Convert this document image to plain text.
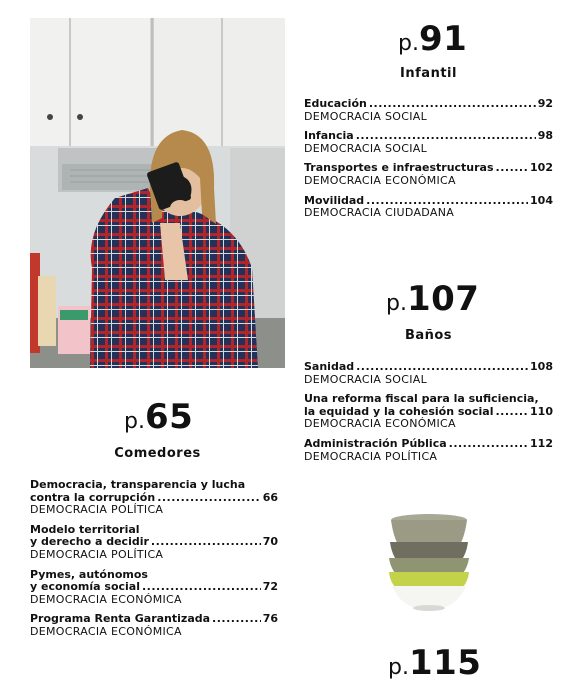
p.91
Infantil
Educación .....	92
DEMOCRACIA SOCIAL
Infancia .....	98
DEMOCRACIA SOCIAL
Transportes e infraestructuras .....	102
DEMOCRACIA ECONÓMICA
Movilidad .....	104
DEMOCRACIA CIUDADANA
p.107
Baños
Sanidad .....	108
DEMOCRACIA SOCIAL
Una reforma fiscal para la suficiencia,
la equidad y la cohesión social .....	110
DEMOCRACIA ECONÓMICA
Administración Pública .....	112
DEMOCRACIA POLÍTICA
p.115
p.65
Comedores
Democracia, transparencia y lucha
contra la corrupción .....	66
DEMOCRACIA POLÍTICA
Modelo territorial
y derecho a decidir .....	70
DEMOCRACIA POLÍTICA
Pymes, autónomos
y economía social .....	72
DEMOCRACIA ECONÓMICA
Programa Renta Garantizada .....	76
DEMOCRACIA ECONÓMICA
